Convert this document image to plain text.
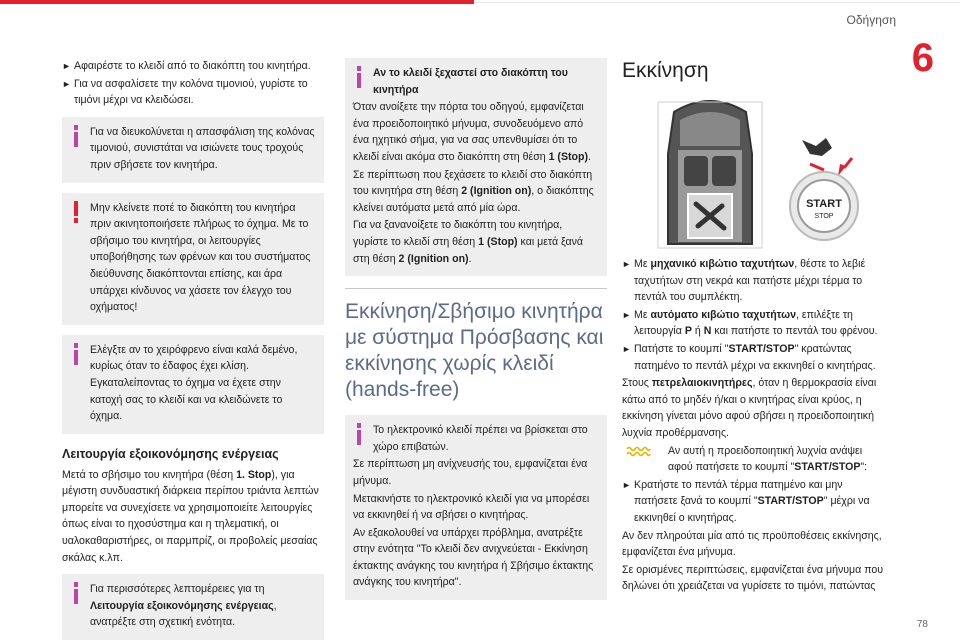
Οδήγηση
6
78

► Αφαιρέστε το κλειδί από το διακόπτη του κινητήρα.

► Για να ασφαλίσετε την κολόνα τιμονιού, γυρίστε το τιμόνι μέχρι να κλειδώσει.

Για να διευκολύνεται η απασφάλιση της κολόνας τιμονιού, συνιστάται να ισιώνετε τους τροχούς πριν σβήσετε τον κινητήρα.

Μην κλείνετε ποτέ το διακόπτη του κινητήρα πριν ακινητοποιήσετε πλήρως το όχημα. Με το σβήσιμο του κινητήρα, οι λειτουργίες υποβοήθησης των φρένων και του συστήματος διεύθυνσης διακόπτονται επίσης, και άρα υπάρχει κίνδυνος να χάσετε τον έλεγχο του οχήματος!

Ελέγξτε αν το χειρόφρενο είναι καλά δεμένο, κυρίως όταν το έδαφος έχει κλίση. Εγκαταλείποντας το όχημα να έχετε στην κατοχή σας το κλειδί και να κλειδώνετε το όχημα.

Λειτουργία εξοικονόμησης ενέργειας

Μετά το σβήσιμο του κινητήρα (θέση 1. Stop), για μέγιστη συνδυαστική διάρκεια περίπου τριάντα λεπτών μπορείτε να συνεχίσετε να χρησιμοποιείτε λειτουργίες όπως είναι το ηχοσύστημα και η τηλεματική, οι υαλοκαθαριστήρες, οι παρμπρίζ, οι προβολείς μεσαίας σκάλας κ.λπ.

Για περισσότερες λεπτομέρειες για τη Λειτουργία εξοικονόμησης ενέργειας, ανατρέξτε στη σχετική ενότητα.

Αν το κλειδί ξεχαστεί στο διακόπτη του κινητήρα

Όταν ανοίξετε την πόρτα του οδηγού, εμφανίζεται ένα προειδοποιητικό μήνυμα, συνοδευόμενο από ένα ηχητικό σήμα, για να σας υπενθυμίσει ότι το κλειδί είναι ακόμα στο διακόπτη στη θέση 1 (Stop).

Σε περίπτωση που ξεχάσετε το κλειδί στο διακόπτη του κινητήρα στη θέση 2 (Ignition on), ο διακόπτης κλείνει αυτόματα μετά από μία ώρα.

Για να ξανανοίξετε το διακόπτη του κινητήρα, γυρίστε το κλειδί στη θέση 1 (Stop) και μετά ξανά στη θέση 2 (Ignition on).

Εκκίνηση/Σβήσιμο κινητήρα με σύστημα Πρόσβασης και εκκίνησης χωρίς κλειδί (hands-free)

Το ηλεκτρονικό κλειδί πρέπει να βρίσκεται στο χώρο επιβατών.

Σε περίπτωση μη ανίχνευσής του, εμφανίζεται ένα μήνυμα.

Μετακινήστε το ηλεκτρονικό κλειδί για να μπορέσει να εκκινηθεί ή να σβήσει ο κινητήρας.

Αν εξακολουθεί να υπάρχει πρόβλημα, ανατρέξτε στην ενότητα "Το κλειδί δεν ανιχνεύεται - Εκκίνηση έκτακτης ανάγκης του κινητήρα ή Σβήσιμο έκτακτης ανάγκης του κινητήρα".

Εκκίνηση
START
STOP

► Με μηχανικό κιβώτιο ταχυτήτων, θέστε το λεβιέ ταχυτήτων στη νεκρά και πατήστε μέχρι τέρμα το πεντάλ του συμπλέκτη.

► Με αυτόματο κιβώτιο ταχυτήτων, επιλέξτε τη λειτουργία P ή N και πατήστε το πεντάλ του φρένου.

► Πατήστε το κουμπί "START/STOP" κρατώντας πατημένο το πεντάλ μέχρι να εκκινηθεί ο κινητήρας.

Στους πετρελαιοκινητήρες, όταν η θερμοκρασία είναι κάτω από το μηδέν ή/και ο κινητήρας είναι κρύος, η εκκίνηση γίνεται μόνο αφού σβήσει η προειδοποιητική λυχνία προθέρμανσης.

Αν αυτή η προειδοποιητική λυχνία ανάψει αφού πατήσετε το κουμπί "START/STOP":

► Κρατήστε το πεντάλ τέρμα πατημένο και μην πατήσετε ξανά το κουμπί "START/STOP" μέχρι να εκκινηθεί ο κινητήρας.

Αν δεν πληρούται μία από τις προϋποθέσεις εκκίνησης, εμφανίζεται ένα μήνυμα.

Σε ορισμένες περιπτώσεις, εμφανίζεται ένα μήνυμα που δηλώνει ότι χρειάζεται να γυρίσετε το τιμόνι, πατώντας
